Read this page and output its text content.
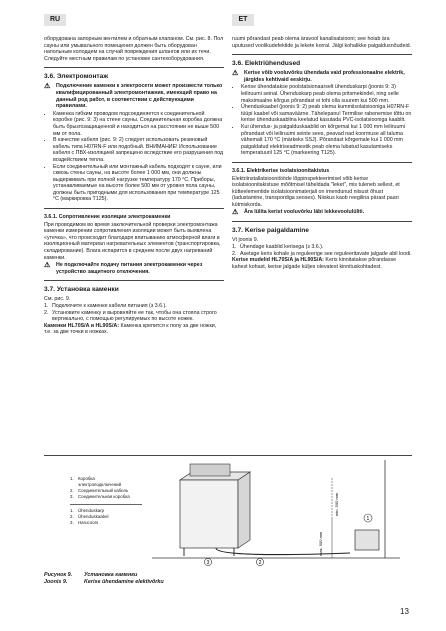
RU	ET

оборудована запорным вентилем и обратным клапаном. См. рис. 8. Пол сауны или умывального помещения должен быть оборудован напольным колодцем на случай повреждения шлангов или их течи. Следуйте местным правилам по установке сантехоборудования.

3.6. Электромонтаж
⚠	Подключение каменки к электросети может произвести только квалифицированный электромонтажник, имеющий право на данный род работ, в соответствии с действующими правилами.
• Каменка гибким проводом подсоединяется к соединительной коробке (рис. 9: 3) на стене сауны. Соединительная коробка должна быть брызгозащищенной и находиться на расстоянии не выше 500 мм от пола.
• В качестве кабеля (рис. 9: 2) следует использовать резиновый кабель типа H07RN-F или подобный. ВНИМАНИЕ! Использование кабеля с ПВХ-изоляцией запрещено вследствие его разрушения под воздействием тепла.
• Если соединительный или монтажный кабель подходят к сауне, или сквозь стены сауны, на высоте более 1 000 мм, они должны выдерживать при полной нагрузке температуру 170 °C. Приборы, устанавливаемые на высоте более 500 мм от уровня пола сауны, должны быть пригодными для использования при температуре 125 °C (маркировка T125).
3.6.1. Сопротивление изоляции электрокаменки

При проводимом во время заключительной проверки электромонтажа каменки измерении сопротивления изоляции может быть выявлена «утечка», что происходит благодаря впитыванию атмосферной влаги в изоляционный материал нагревательных элементов (транспортировка, складирование). Влага испарится в среднем после двух нагреваний каменки.

⚠	Не подключайте подачу питания электрокаменки через устройство защитного отключения.
3.7. Установка каменки
См. рис. 9.
1. Подключите к каменке кабели питания (з 3.6.).
2. Установите каменку и выровняйте ее так, чтобы она стояла строго вертикально, с помощью регулируемых по высоте ножек.
Каменки HL70S/A и HL90S/A: Каменка крепится к полу за две ножки, т.е. за две точки в ножках.

ruumi põrandast peab olema äravool kanalisatsiooni; see hoiab ära uputused voolikudefektide ja lekete korral. Jälgi kohalikke paigaldusnõudeid.

3.6. Elektriühendused
⚠	Kerise võib vooluvõrku ühendada vaid professionaalne elektrik, järgides kehtivaid eeskirju.
• Kerise ühendatakse poolstatsionaarselt ühenduskarpi (joonis 9: 3) leiliruumi seinal. Ühenduskarp peab olema pritsmekindel, ning selle maksimaalne kõrgus põrandast ei tohi olla suurem kui 500 mm.
• Ühenduskaabel (joonis 9: 2) peab olema kummiisolatsiooniga H07RN-F tüüpi kaabel või samaväärne. Tähelepanu! Termilise rabenemise tõttu on kerise ühenduskaablina keelatud kasutada PVC-isolatsiooniga kaablit.
• Kui ühendus- ja paigalduskaablid on kõrgemal kui 1 000 mm leiliruumi põrandast või leiliruumi seinte sees, peavad nad koormuse all taluma vähemalt 170 °C (märkeks SSJ). Põrandast kõrgemale kui 1 000 mm paigaldatud elektriseadmestik peab olema lubatud kasutamiseks temperatuuril 125 °C (markeering T125).
3.6.1. Elektrikerise isolatsioonitakistus

Elektriinstallatsioonitööde lõppinspekteerimisel võib kerise isolatsioonitakistuse mõõtmisel täheldada "leket", mis tuleneb sellest, et kütteelementide isolatsioonimaterjali on imendunud niisust õhust (ladustamine, transpordiga seoses). Niiskus kaob reegilina pärast paari kütmiskorda.

⚠	Ära lülita kerist vooluvõrku läbi lekkevoolulüliti.
3.7. Kerise paigaldamine
Vt joonis 9.
1. Ühendage kaablid kerisega (з 3.6.).
2. Asetage keris kohale ja reguleerige see reguleeritavate jalgade abil loodi.
Kerise mudelid HL70S/A ja HL90S/A: Keris kinnitatakse põrandasse kahest kohast, kerise jalgade küljes olevatest kinnituskohtadest.
1. Коробка
электроподключений
2. Соединительный кабель
3. Соединительная коробка
1. Ühenduskarp
2. Ühenduskaabel
3. Harucoors
max. 500 mm
min. 500 mm
1
2
3
Рисунок 9.	Установка каменки
Joonis 9.	Kerise ühendamine elektivõrku
13
